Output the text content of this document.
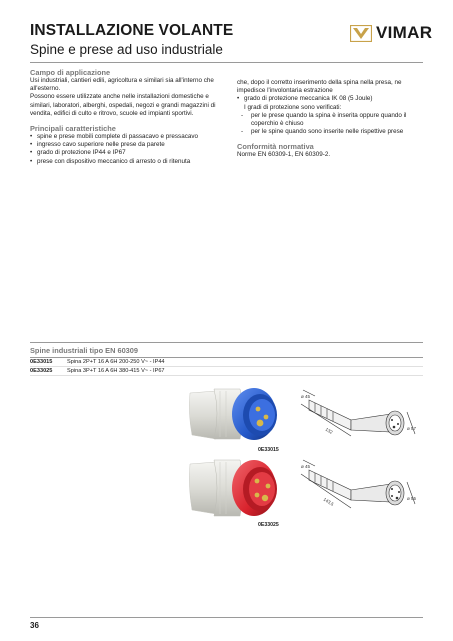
INSTALLAZIONE VOLANTE
Spine e prese ad uso industriale
VIMAR
Campo di applicazione
Usi industriali, cantieri edili, agricoltura e similari sia all'interno che all'esterno.
Possono essere utilizzate anche nelle installazioni domestiche e similari, laboratori, alberghi, ospedali, negozi e grandi magazzini di vendita, edifici di culto e ritrovo, scuole ed impianti sportivi.
Principali caratteristiche
• spine e prese mobili complete di passacavo e pressacavo
• ingresso cavo superiore nelle prese da parete
• grado di protezione IP44 e IP67
• prese con dispositivo meccanico di arresto o di ritenuta
che, dopo il corretto inserimento della spina nella presa, ne impedisce l'involontaria estrazione
• grado di protezione meccanica IK 08 (5 Joule)
I gradi di protezione sono verificati:
- per le prese quando la spina è inserita oppure quando il coperchio è chiuso
- per le spine quando sono inserite nelle rispettive prese
Conformità normativa
Norme EN 60309-1, EN 60309-2.
Spine industriali tipo EN 60309
0E33015	Spina 2P+T 16 A 6H 200-250 V~ - IP44
0E33025	Spina 3P+T 16 A 6H 380-415 V~ - IP67
0E33015
0E33025
ø 45
132	ø 57
ø 45
143,5	ø 55
36
